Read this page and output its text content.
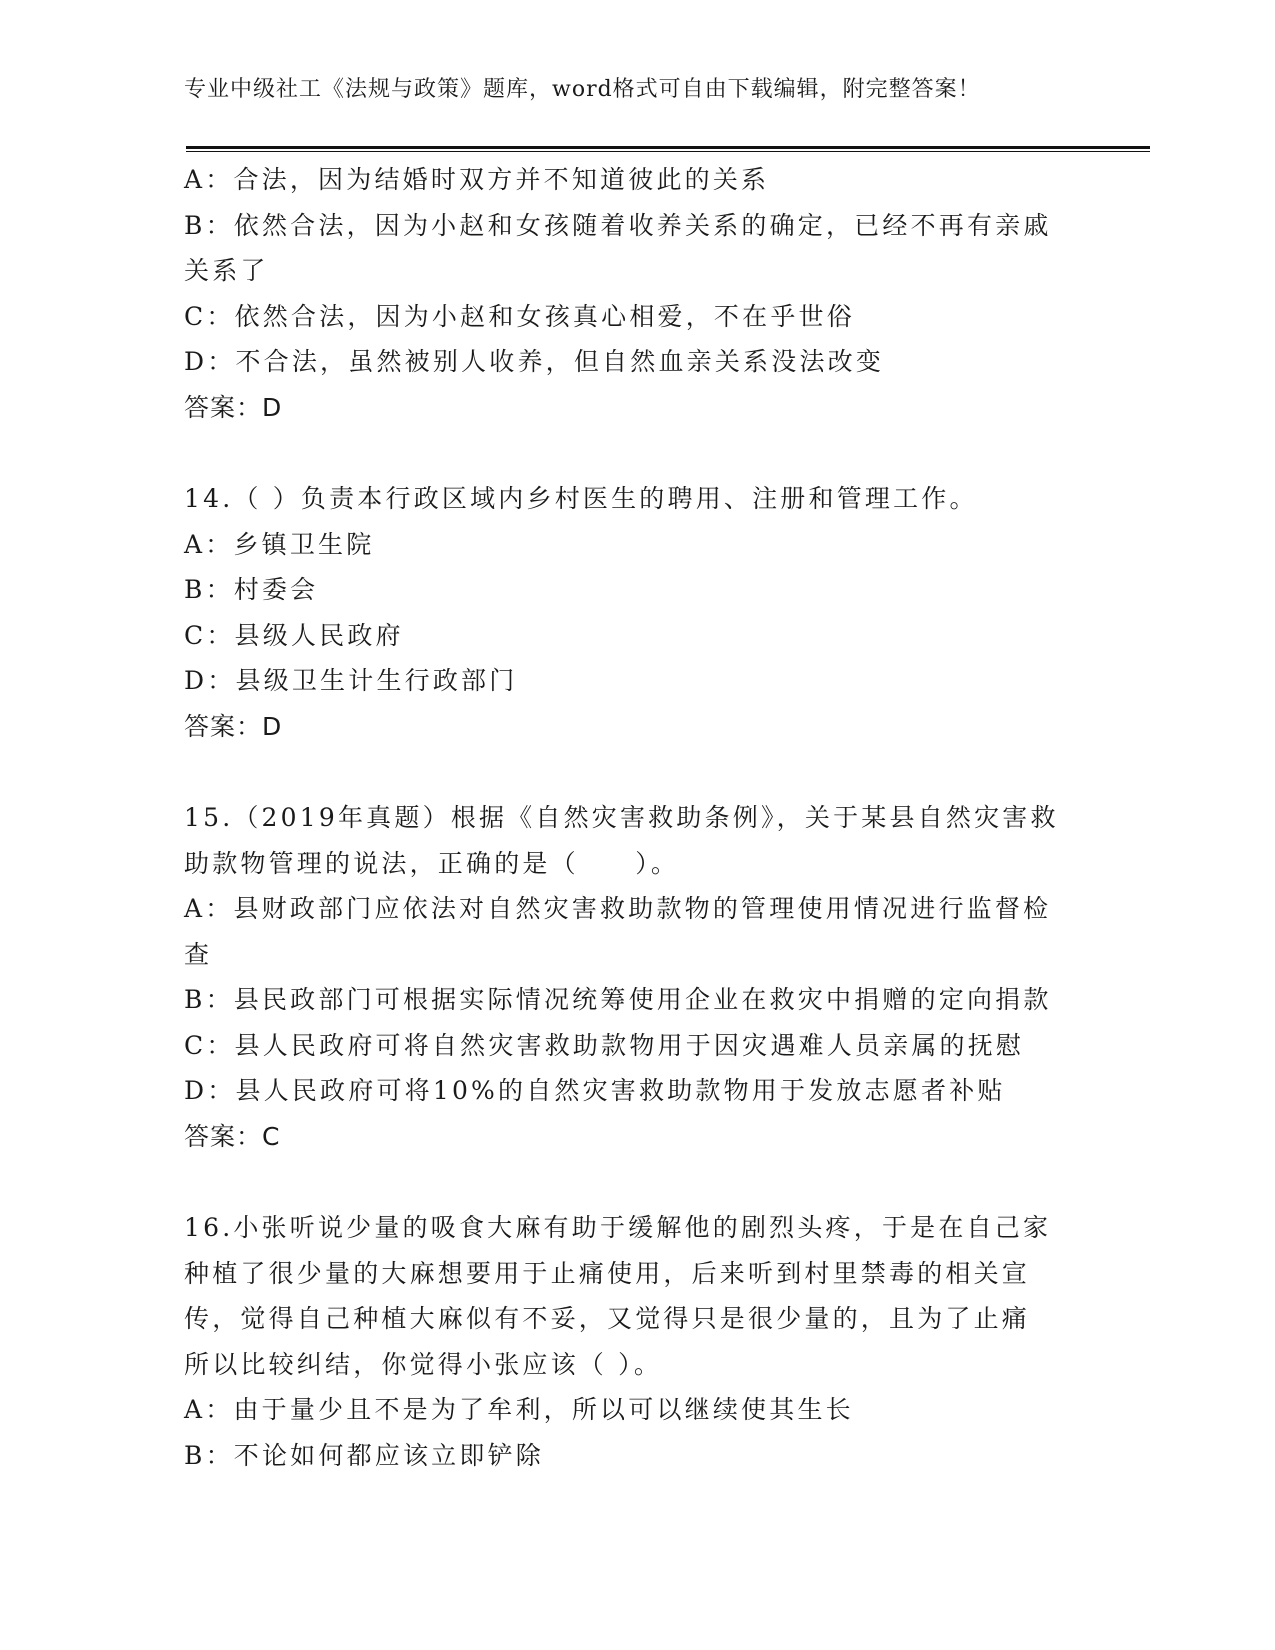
专业中级社工《法规与政策》题库，word格式可自由下载编辑，附完整答案！
A：合法，因为结婚时双方并不知道彼此的关系
B：依然合法，因为小赵和女孩随着收养关系的确定，已经不再有亲戚
关系了
C：依然合法，因为小赵和女孩真心相爱，不在乎世俗
D：不合法，虽然被别人收养，但自然血亲关系没法改变
答案：D
14.（ ）负责本行政区域内乡村医生的聘用、注册和管理工作。
A：乡镇卫生院
B：村委会
C：县级人民政府
D：县级卫生计生行政部门
答案：D
15.（2019年真题）根据《自然灾害救助条例》，关于某县自然灾害救
助款物管理的说法，正确的是（　　）。
A：县财政部门应依法对自然灾害救助款物的管理使用情况进行监督检
查
B：县民政部门可根据实际情况统筹使用企业在救灾中捐赠的定向捐款
C：县人民政府可将自然灾害救助款物用于因灾遇难人员亲属的抚慰
D：县人民政府可将10%的自然灾害救助款物用于发放志愿者补贴
答案：C
16.小张听说少量的吸食大麻有助于缓解他的剧烈头疼，于是在自己家
种植了很少量的大麻想要用于止痛使用，后来听到村里禁毒的相关宣
传，觉得自己种植大麻似有不妥，又觉得只是很少量的，且为了止痛
所以比较纠结，你觉得小张应该（ ）。
A：由于量少且不是为了牟利，所以可以继续使其生长
B：不论如何都应该立即铲除
